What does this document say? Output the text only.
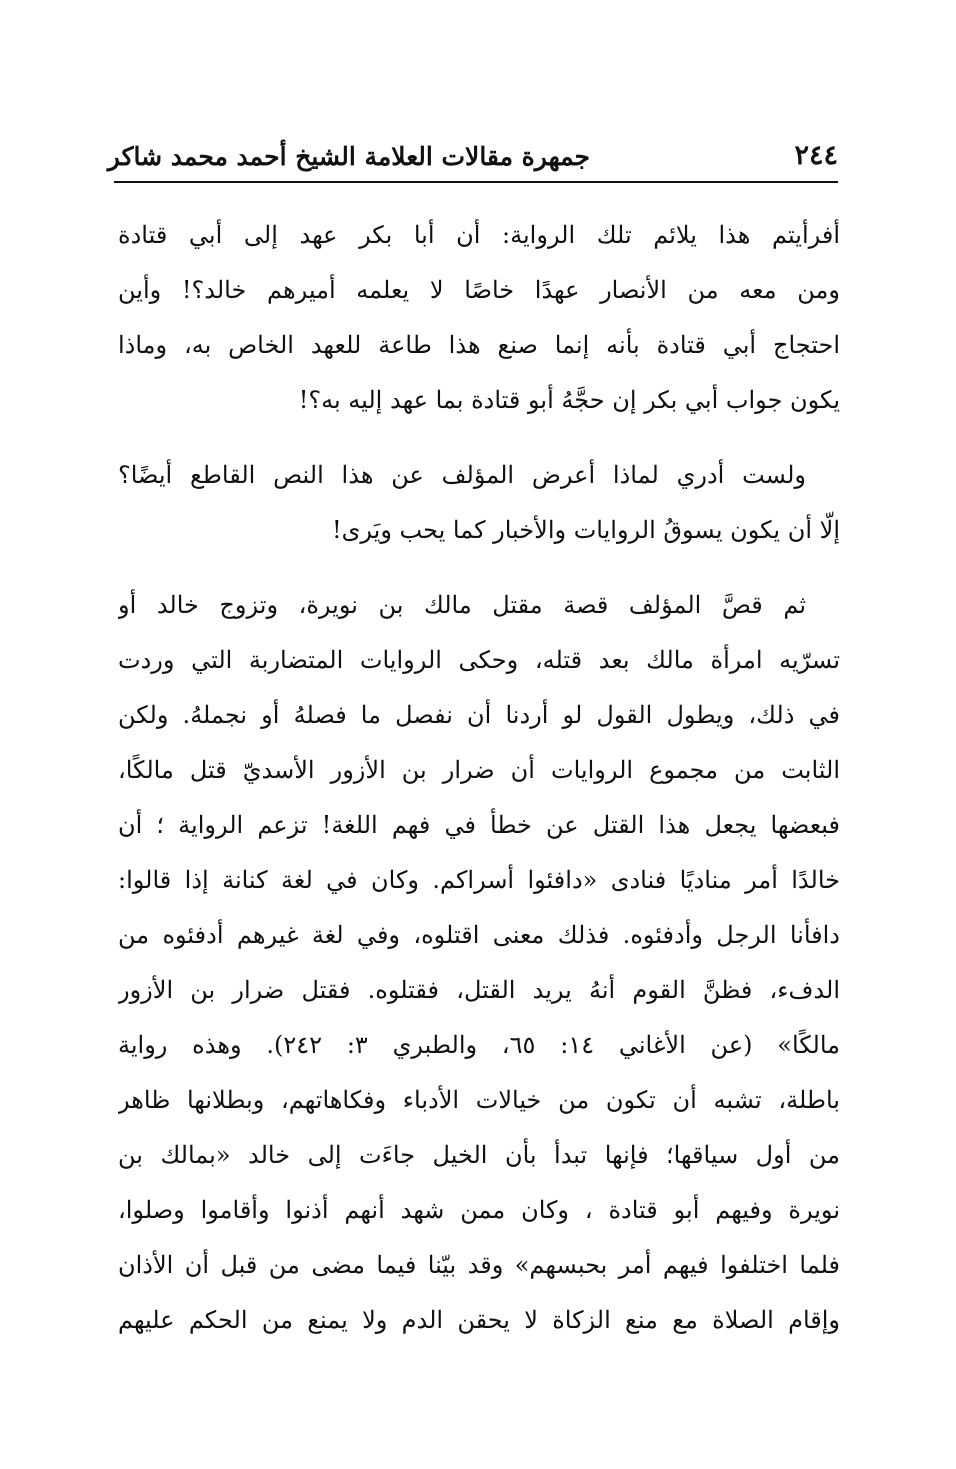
٢٤٤
جمهرة مقالات العلامة الشيخ أحمد محمد شاكر
أفرأيتم هذا يلائم تلك الرواية: أن أبا بكر عهد إلى أبي قتادة
ومن معه من الأنصار عهدًا خاصًا لا يعلمه أميرهم خالد؟! وأين
احتجاج أبي قتادة بأنه إنما صنع هذا طاعة للعهد الخاص به، وماذا
يكون جواب أبي بكر إن حجَّهُ أبو قتادة بما عهد إليه به؟!
ولست أدري لماذا أعرض المؤلف عن هذا النص القاطع أيضًا؟
إلّا أن يكون يسوقُ الروايات والأخبار كما يحب ويَرى!
ثم قصَّ المؤلف قصة مقتل مالك بن نويرة، وتزوج خالد أو
تسرّيه امرأة مالك بعد قتله، وحكى الروايات المتضاربة التي وردت
في ذلك، ويطول القول لو أردنا أن نفصل ما فصلهُ أو نجملهُ. ولكن
الثابت من مجموع الروايات أن ضرار بن الأزور الأسديّ قتل مالكًا،
فبعضها يجعل هذا القتل عن خطأ في فهم اللغة! تزعم الرواية ؛ أن
خالدًا أمر مناديًا فنادى «دافئوا أسراكم. وكان في لغة كنانة إذا قالوا:
دافأنا الرجل وأدفئوه. فذلك معنى اقتلوه، وفي لغة غيرهم أدفئوه من
الدفء، فظنَّ القوم أنهُ يريد القتل، فقتلوه. فقتل ضرار بن الأزور
مالكًا» (عن الأغاني ١٤: ٦٥، والطبري ٣: ٢٤٢). وهذه رواية
باطلة، تشبه أن تكون من خيالات الأدباء وفكاهاتهم، وبطلانها ظاهر
من أول سياقها؛ فإنها تبدأ بأن الخيل جاءَت إلى خالد «بمالك بن
نويرة وفيهم أبو قتادة ، وكان ممن شهد أنهم أذنوا وأقاموا وصلوا،
فلما اختلفوا فيهم أمر بحبسهم» وقد بيّنا فيما مضى من قبل أن الأذان
وإقام الصلاة مع منع الزكاة لا يحقن الدم ولا يمنع من الحكم عليهم
